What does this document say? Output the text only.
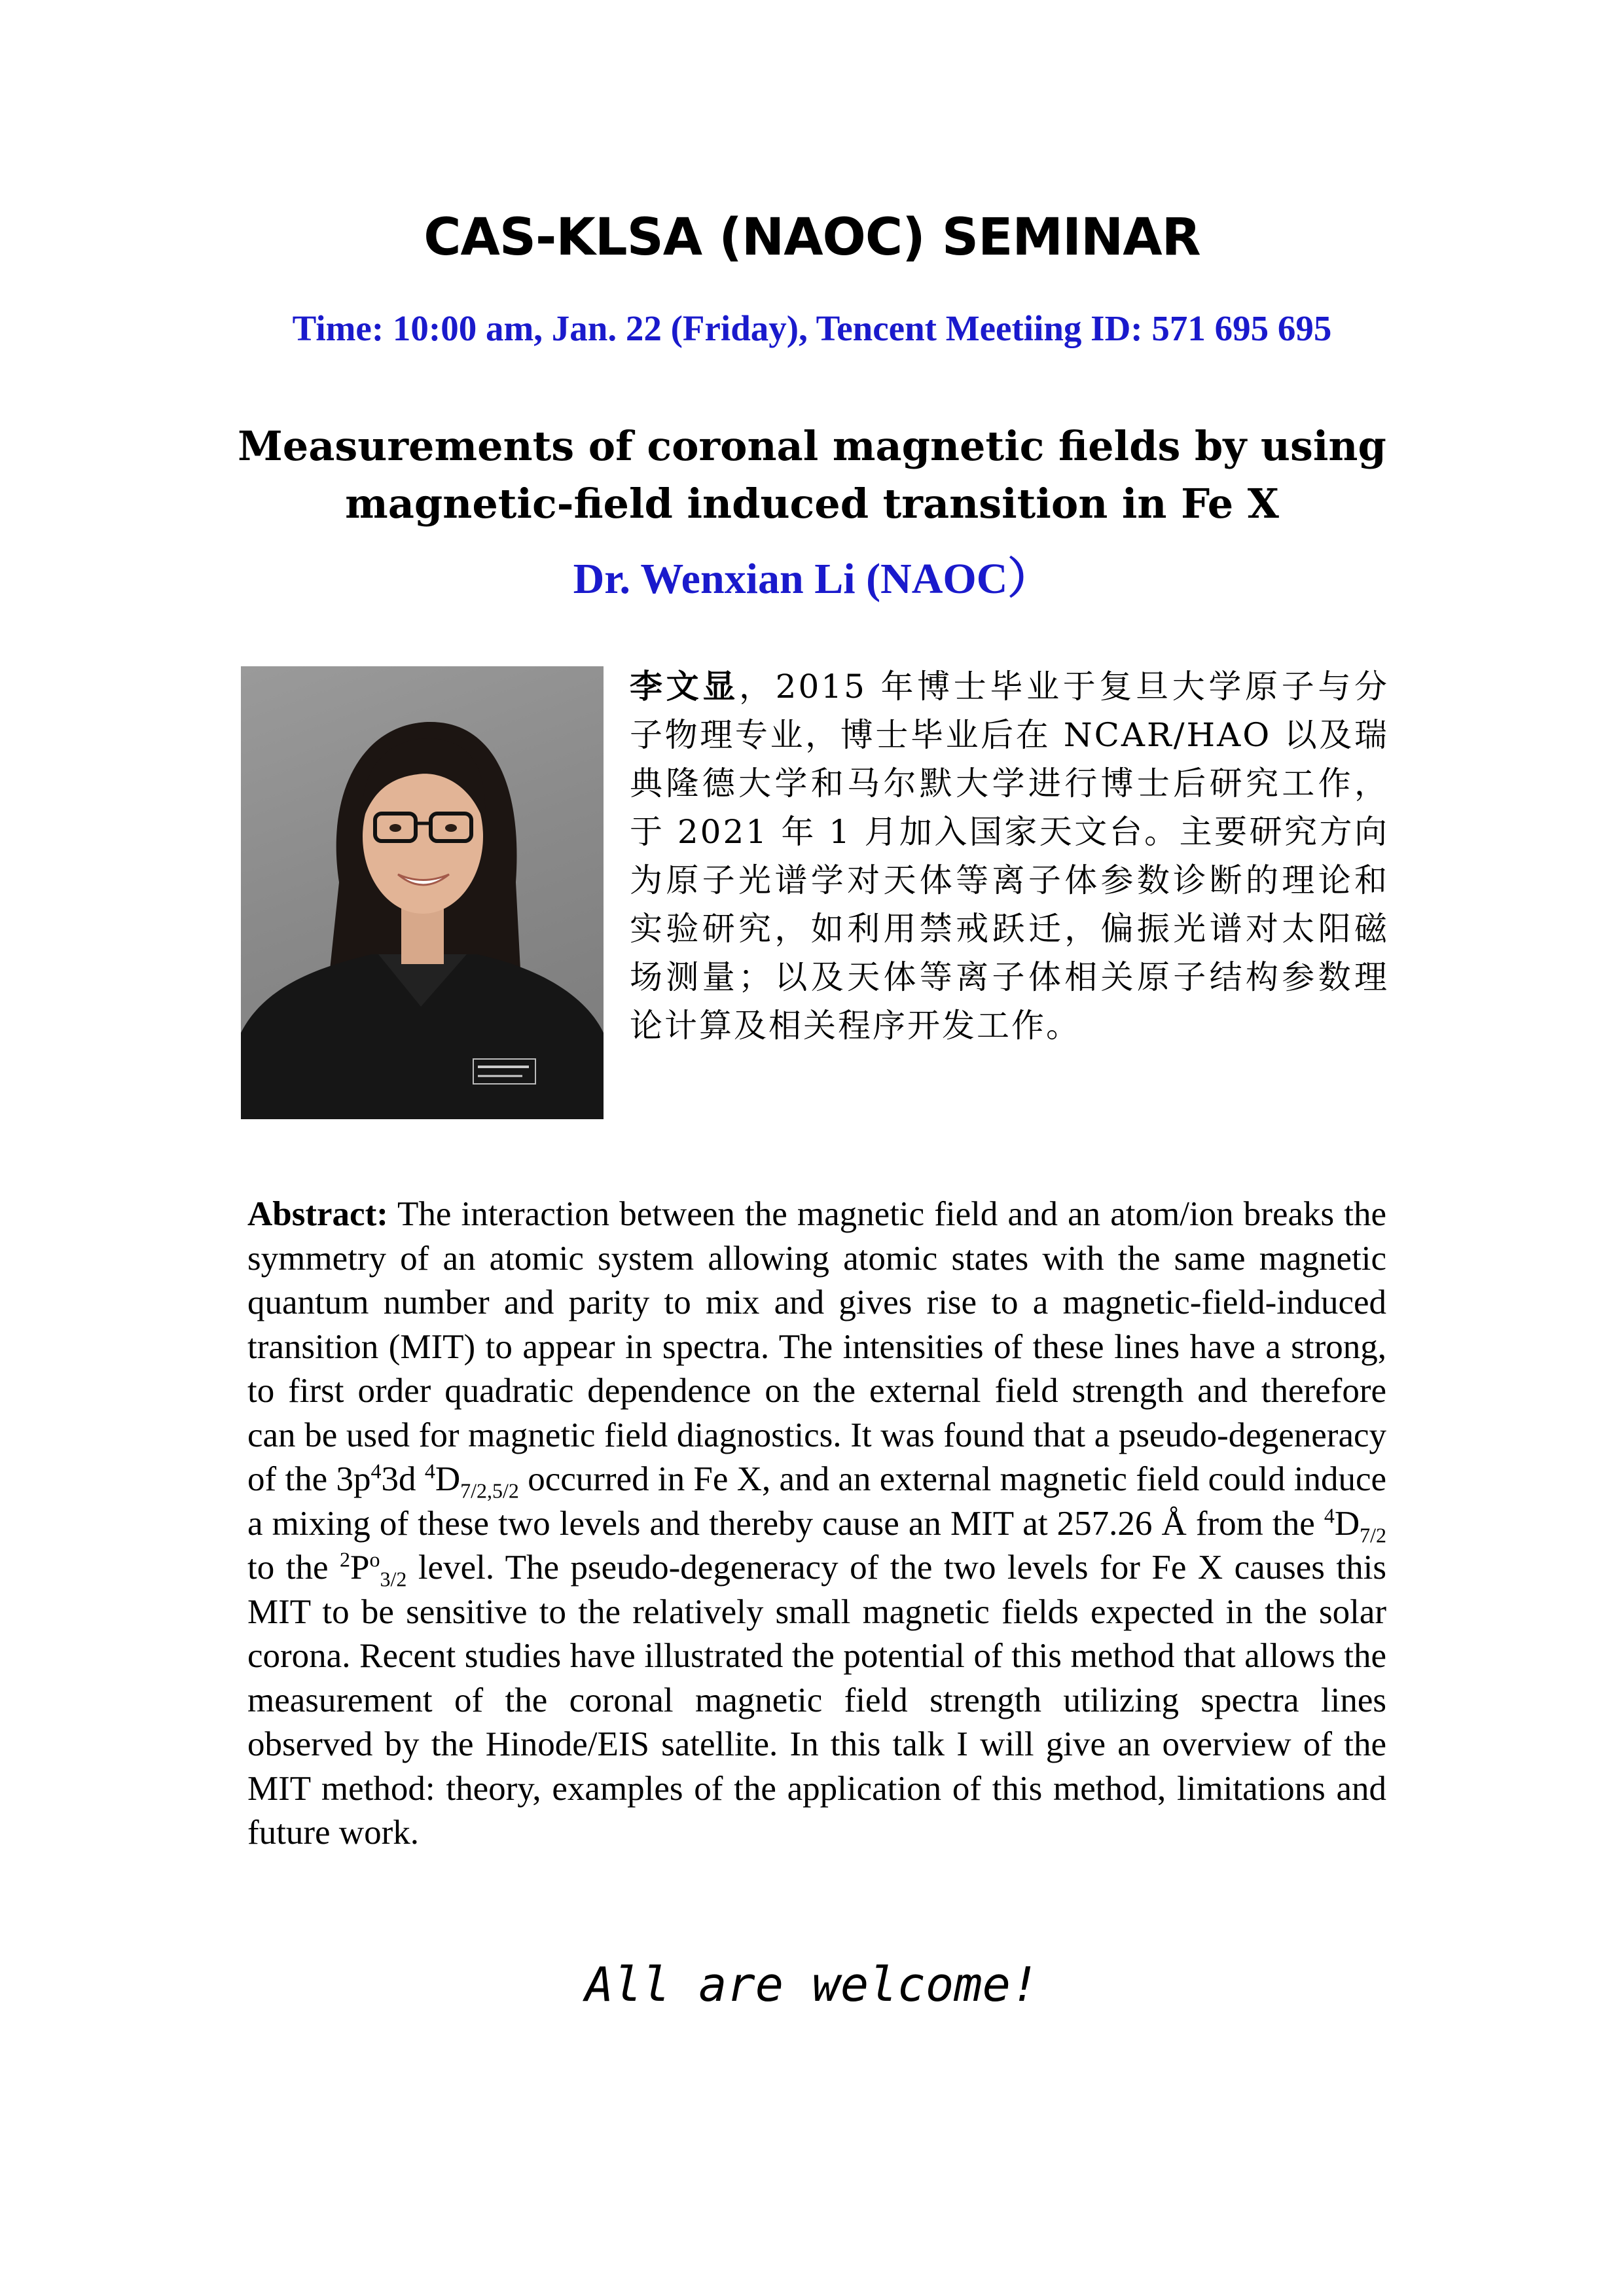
CAS-KLSA (NAOC) SEMINAR
Time: 10:00 am, Jan. 22 (Friday), Tencent Meetiing ID: 571 695 695
Measurements of coronal magnetic fields by using
magnetic-field induced transition in Fe X
Dr. Wenxian Li (NAOC）
李文显，2015 年博士毕业于复旦大学原子与分子物理专业，博士毕业后在 NCAR/HAO 以及瑞典隆德大学和马尔默大学进行博士后研究工作，于 2021 年 1 月加入国家天文台。主要研究方向为原子光谱学对天体等离子体参数诊断的理论和实验研究，如利用禁戒跃迁，偏振光谱对太阳磁场测量；以及天体等离子体相关原子结构参数理论计算及相关程序开发工作。
Abstract: The interaction between the magnetic field and an atom/ion breaks the symmetry of an atomic system allowing atomic states with the same magnetic quantum number and parity to mix and gives rise to a magnetic-field-induced transition (MIT) to appear in spectra. The intensities of these lines have a strong, to first order quadratic dependence on the external field strength and therefore can be used for magnetic field diagnostics. It was found that a pseudo-degeneracy of the $3p^43d$ $^4D_{7/2,5/2}$ occurred in Fe X, and an external magnetic field could induce a mixing of these two levels and thereby cause an MIT at 257.26 Å from the $^4D_{7/2}$ to the $^2P^o_{3/2}$ level. The pseudo-degeneracy of the two levels for Fe X causes this MIT to be sensitive to the relatively small magnetic fields expected in the solar corona. Recent studies have illustrated the potential of this method that allows the measurement of the coronal magnetic field strength utilizing spectra lines observed by the Hinode/EIS satellite. In this talk I will give an overview of the MIT method: theory, examples of the application of this method, limitations and future work.
All are welcome!
